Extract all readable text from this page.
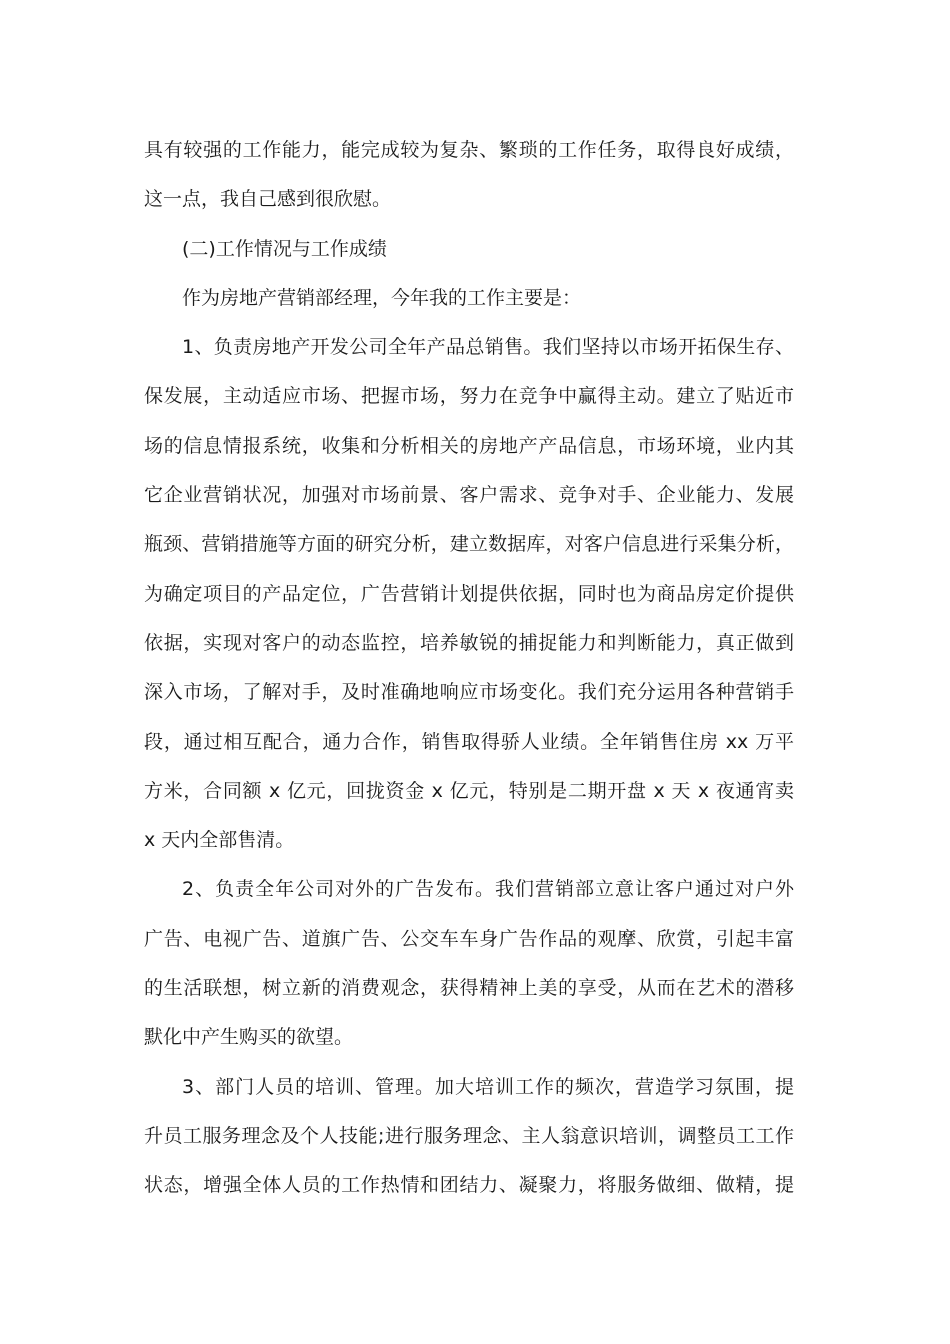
具有较强的工作能力，能完成较为复杂、繁琐的工作任务，取得良好成绩，
这一点，我自己感到很欣慰。
(二)工作情况与工作成绩
作为房地产营销部经理，今年我的工作主要是：
1、负责房地产开发公司全年产品总销售。我们坚持以市场开拓保生存、
保发展，主动适应市场、把握市场，努力在竞争中赢得主动。建立了贴近市
场的信息情报系统，收集和分析相关的房地产产品信息，市场环境，业内其
它企业营销状况，加强对市场前景、客户需求、竞争对手、企业能力、发展
瓶颈、营销措施等方面的研究分析，建立数据库，对客户信息进行采集分析，
为确定项目的产品定位，广告营销计划提供依据，同时也为商品房定价提供
依据，实现对客户的动态监控，培养敏锐的捕捉能力和判断能力，真正做到
深入市场，了解对手，及时准确地响应市场变化。我们充分运用各种营销手
段，通过相互配合，通力合作，销售取得骄人业绩。全年销售住房 xx 万平
方米，合同额 x 亿元，回拢资金 x 亿元，特别是二期开盘 x 天 x 夜通宵卖
x 天内全部售清。
2、负责全年公司对外的广告发布。我们营销部立意让客户通过对户外
广告、电视广告、道旗广告、公交车车身广告作品的观摩、欣赏，引起丰富
的生活联想，树立新的消费观念，获得精神上美的享受，从而在艺术的潜移
默化中产生购买的欲望。
3、部门人员的培训、管理。加大培训工作的频次，营造学习氛围，提
升员工服务理念及个人技能;进行服务理念、主人翁意识培训，调整员工工作
状态，增强全体人员的工作热情和团结力、凝聚力，将服务做细、做精，提
